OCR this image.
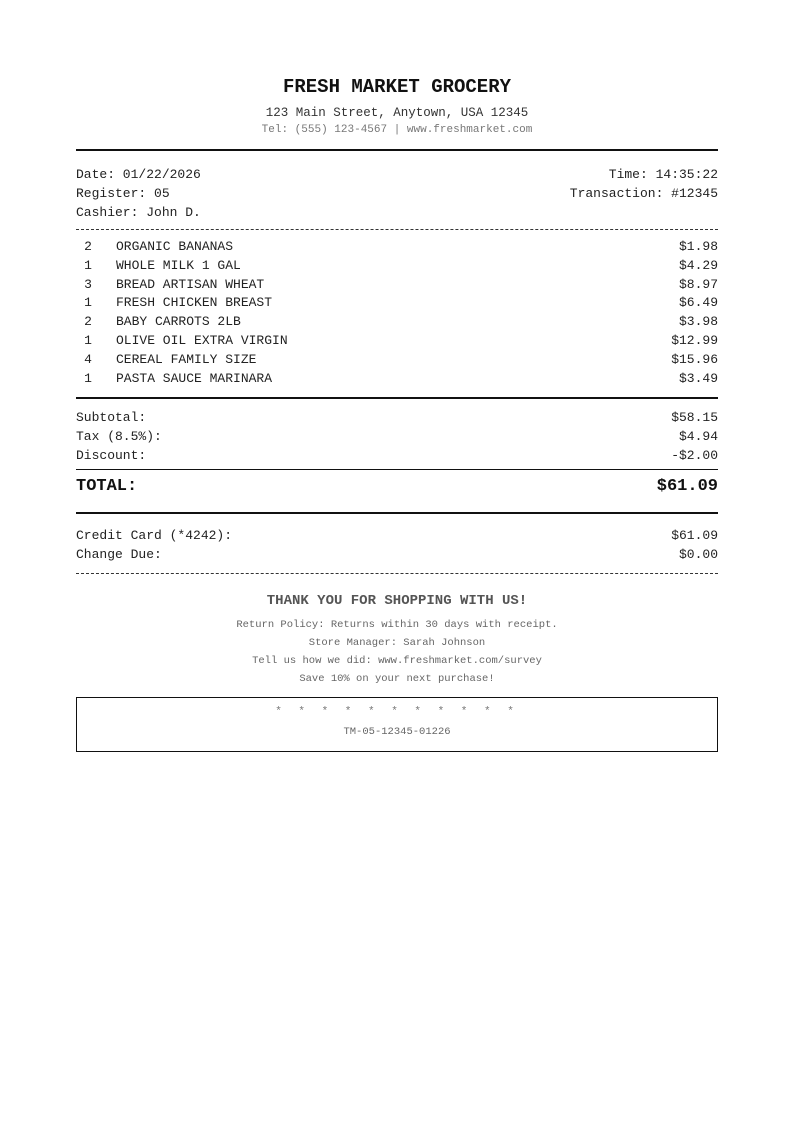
FRESH MARKET GROCERY
123 Main Street, Anytown, USA 12345
Tel: (555) 123-4567 | www.freshmarket.com
Date: 01/22/2026	Time: 14:35:22
Register: 05	Transaction: #12345
Cashier: John D.
2	ORGANIC BANANAS	$1.98
1	WHOLE MILK 1 GAL	$4.29
3	BREAD ARTISAN WHEAT	$8.97
1	FRESH CHICKEN BREAST	$6.49
2	BABY CARROTS 2LB	$3.98
1	OLIVE OIL EXTRA VIRGIN	$12.99
4	CEREAL FAMILY SIZE	$15.96
1	PASTA SAUCE MARINARA	$3.49
Subtotal:	$58.15
Tax (8.5%):	$4.94
Discount:	-$2.00
TOTAL:	$61.09
Credit Card (*4242):	$61.09
Change Due:	$0.00
THANK YOU FOR SHOPPING WITH US!
Return Policy: Returns within 30 days with receipt.
Store Manager: Sarah Johnson
Tell us how we did: www.freshmarket.com/survey
Save 10% on your next purchase!
* * * * * * * * * * *
TM-05-12345-01226
